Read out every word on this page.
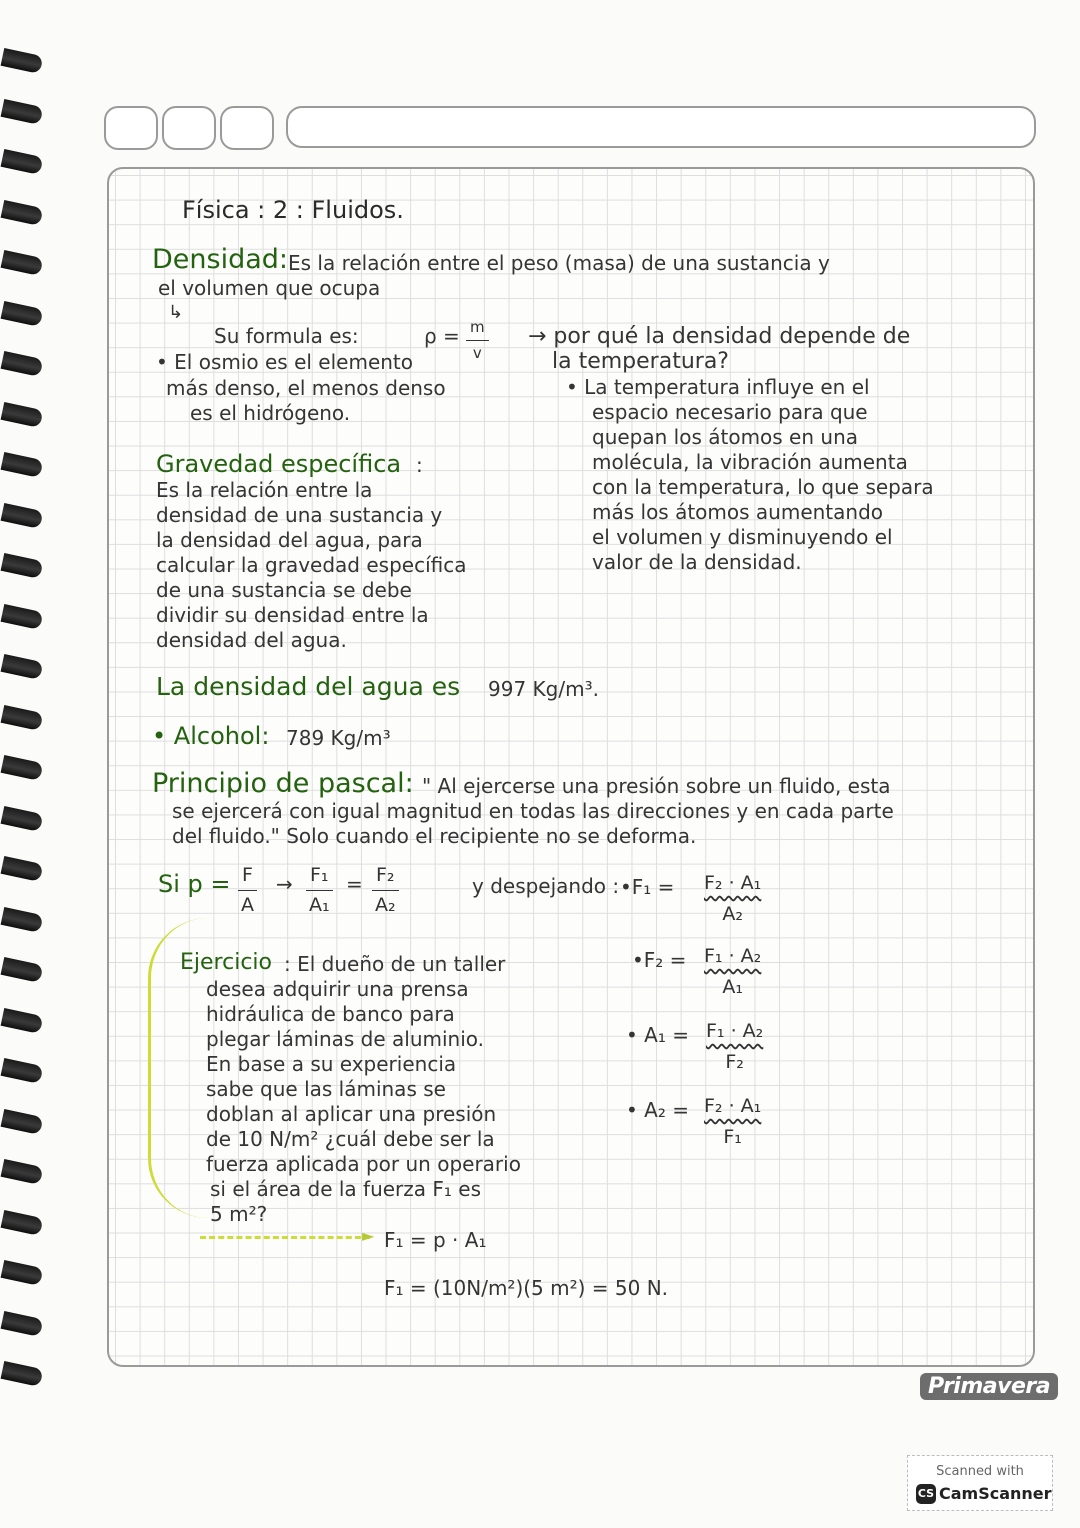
Física : 2 : Fluidos.
Densidad: Es la relación entre el peso (masa) de una sustancia y
el volumen que ocupa
↳
Su formula es:	ρ = m
v
• El osmio es el elemento
más denso, el menos denso
es el hidrógeno.
→ por qué la densidad depende de
la temperatura?
• La temperatura influye en el
espacio necesario para que
quepan los átomos en una
molécula, la vibración aumenta
con la temperatura, lo que separa
más los átomos aumentando
el volumen y disminuyendo el
valor de la densidad.
Gravedad específica :
Es la relación entre la
densidad de una sustancia y
la densidad del agua, para
calcular la gravedad específica
de una sustancia se debe
dividir su densidad entre la
densidad del agua.
La densidad del agua es 997 Kg/m³.
• Alcohol: 789 Kg/m³
Principio de pascal: " Al ejercerse una presión sobre un fluido, esta
se ejercerá con igual magnitud en todas las direcciones y en cada parte
del fluido." Solo cuando el recipiente no se deforma.
Si p = F
A
→ F₁
A₁
= F₂
A₂
y despejando : •F₁ = $\frac{\text{F₂ · A₁}}{\text{A₂}}$
•F₂ = $\frac{\text{F₁ · A₂}}{\text{A₁}}$
• $A_1 = \frac{\text{F₁ · A₂}}{\text{F₂}}$
• $A_2 = \frac{\text{F₂ · A₁}}{\text{F₁}}$
►
Ejercicio : El dueño de un taller
desea adquirir una prensa
hidráulica de banco para
plegar láminas de aluminio.
En base a su experiencia
sabe que las láminas se
doblan al aplicar una presión
de 10 N/m² ¿cuál debe ser la
fuerza aplicada por un operario
si el área de la fuerza F₁ es
5 m²?
F₁ = p · A₁
F₁ = (10N/m²)(5 m²) = 50 N.
Primavera
Scanned with
CS CamScanner
